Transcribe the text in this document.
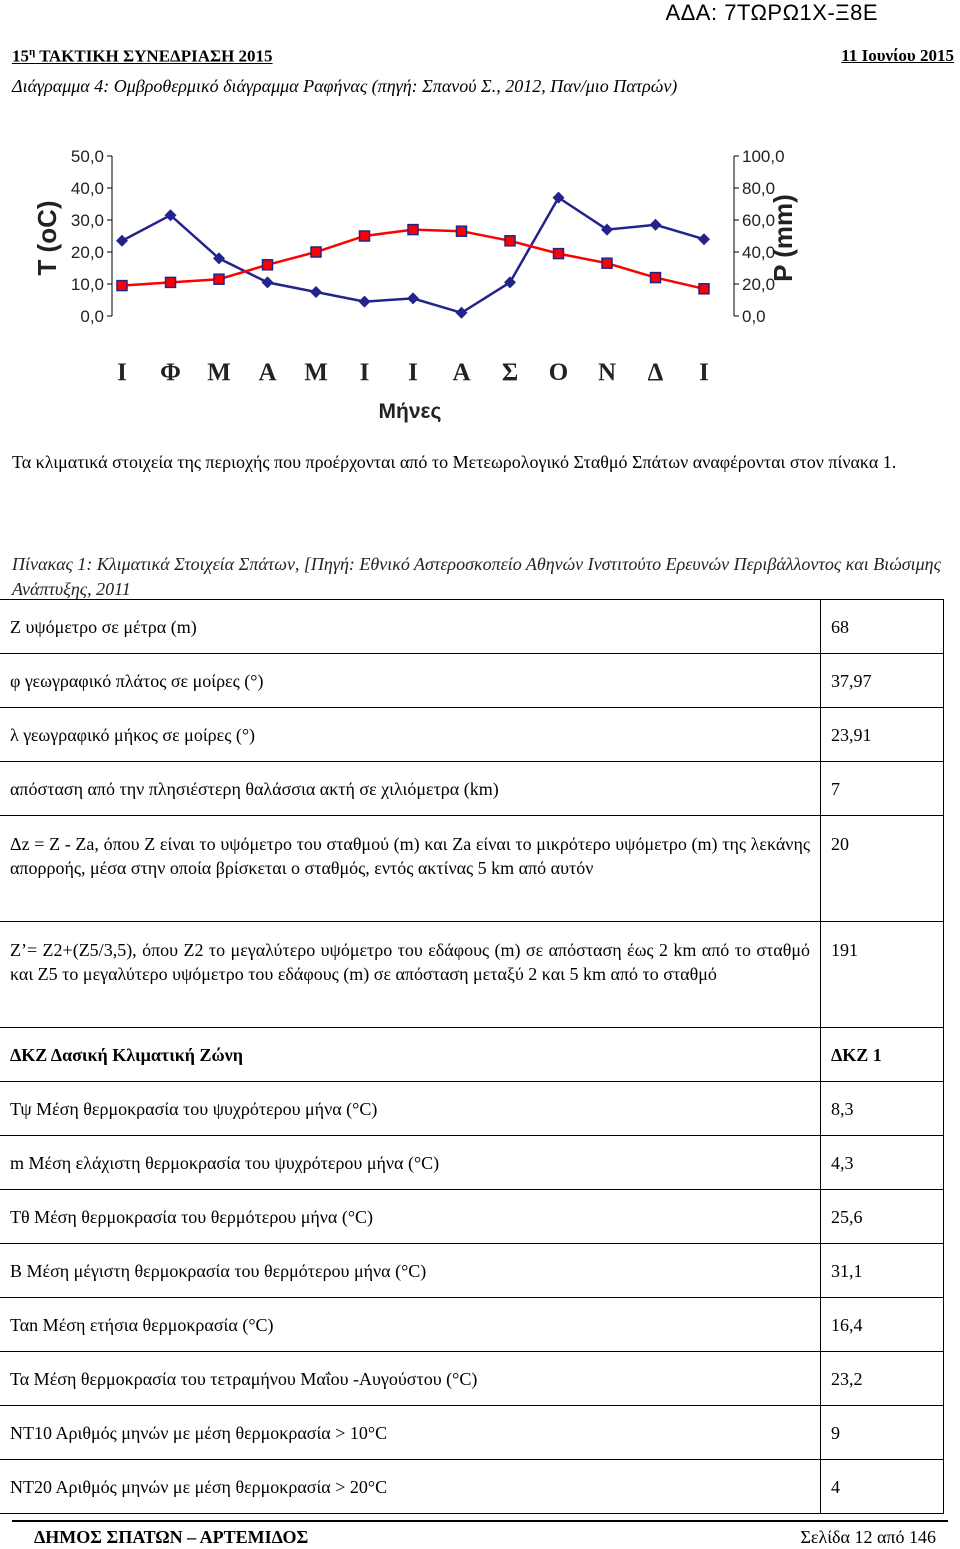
ΑΔΑ: 7ΤΩΡΩ1Χ-Ξ8Ε
$15^\eta$ ΤΑΚΤΙΚΗ ΣΥΝΕΔΡΙΑΣΗ 2015	11 Ιουνίου 2015
Διάγραμμα 4: Ομβροθερμικό διάγραμμα Ραφήνας (πηγή: Σπανού Σ., 2012, Παν/μιο Πατρών)
50,0
40,0
30,0
20,0
10,0
0,0
100,0
80,0
60,0
40,0
20,0
0,0
T (oC)	P (mm)
Ι Φ Μ Α Μ Ι Ι Α Σ Ο Ν Δ Ι
Μήνες
Τα κλιματικά στοιχεία της περιοχής που προέρχονται από το Μετεωρολογικό Σταθμό Σπάτων αναφέρονται στον πίνακα 1.
Πίνακας 1: Κλιματικά Στοιχεία Σπάτων, [Πηγή: Εθνικό Αστεροσκοπείο Αθηνών Ινστιτούτο Ερευνών Περιβάλλοντος και Βιώσιμης Ανάπτυξης, 2011
Ζ υψόμετρο σε μέτρα (m)	68
φ γεωγραφικό πλάτος σε μοίρες (°)	37,97
λ γεωγραφικό μήκος σε μοίρες (°)	23,91
απόσταση από την πλησιέστερη θαλάσσια ακτή σε χιλιόμετρα (km)	7
Δz = Z - Za, όπου Z είναι το υψόμετρο του σταθμού (m) και Za είναι το μικρότερο υψόμετρο (m) της λεκάνης απορροής, μέσα στην οποία βρίσκεται ο σταθμός, εντός ακτίνας 5 km από αυτόν	20
Z’= Z2+(Z5/3,5), όπου Z2 το μεγαλύτερο υψόμετρο του εδάφους (m) σε απόσταση έως 2 km από το σταθμό και Z5 το μεγαλύτερο υψόμετρο του εδάφους (m) σε απόσταση μεταξύ 2 και 5 km από το σταθμό	191
ΔΚΖ Δασική Κλιματική Ζώνη	ΔΚΖ 1
Τψ Μέση θερμοκρασία του ψυχρότερου μήνα (°C)	8,3
m Μέση ελάχιστη θερμοκρασία του ψυχρότερου μήνα (°C)	4,3
Τθ Μέση θερμοκρασία του θερμότερου μήνα (°C)	25,6
Β Μέση μέγιστη θερμοκρασία του θερμότερου μήνα (°C)	31,1
Ταn Μέση ετήσια θερμοκρασία (°C)	16,4
Τα Μέση θερμοκρασία του τετραμήνου Μαΐου -Αυγούστου (°C)	23,2
ΝΤ10 Αριθμός μηνών με μέση θερμοκρασία > 10°C	9
ΝΤ20 Αριθμός μηνών με μέση θερμοκρασία > 20°C	4
ΔΗΜΟΣ ΣΠΑΤΩΝ – ΑΡΤΕΜΙΔΟΣ	Σελίδα 12 από 146
